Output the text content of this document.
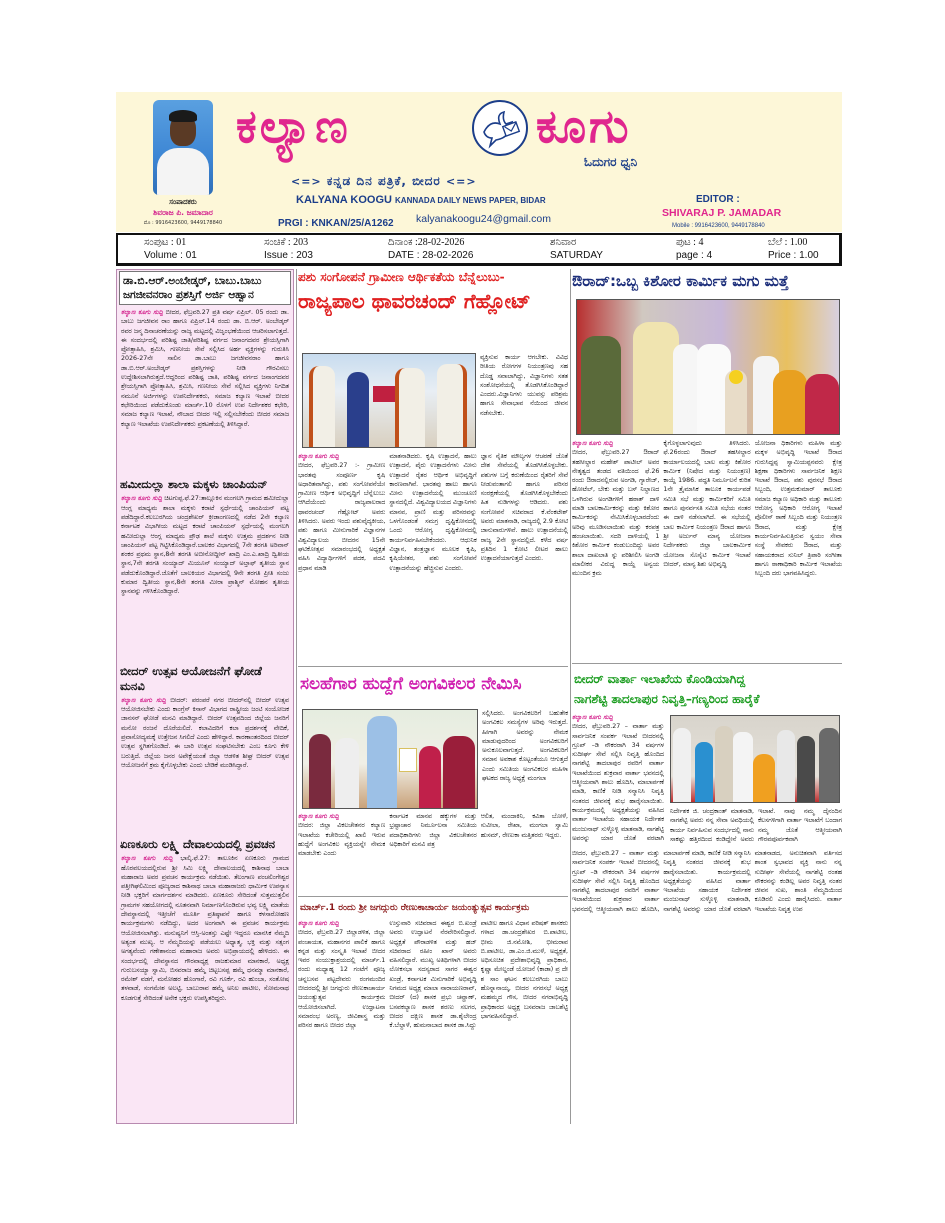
ಸಂಪಾದಕರು
ಶಿವರಾಜ ಪಿ. ಜಮಾದಾರ
ಮೊ : 9916423600, 9449178840
ಕಲ್ಯಾಣ	ಕೂಗು
ಓದುಗರ ಧ್ವನಿ
<=> ಕನ್ನಡ ದಿನ ಪತ್ರಿಕೆ, ಬೀದರ <=>
KALYANA KOOGU KANNADA DAILY NEWS PAPER, BIDAR
PRGI : KNKAN/25/A1262 kalyanakoogu24@gmail.com
EDITOR :
SHIVARAJ P. JAMADAR
Mobile : 9916423600, 9449178840
ಸಂಪುಟ : 01
Volume : 01
ಸಂಚಿಕೆ : 203
Issue : 203
ದಿನಾಂಕ :28-02-2026
DATE : 28-02-2026
ಶನಿವಾರ
SATURDAY
ಪುಟ : 4
page : 4
ಬೆಲೆ : 1.00
Price : 1.00
ಡಾ.ಬಿ.ಆರ್.ಅಂಬೇಡ್ಕರ್, ಬಾಬು.ಬಾಬು ಜಗಜೀವನರಾಂ ಪ್ರಶಸ್ತಿಗೆ ಅರ್ಜಿ ಆಹ್ವಾನ
ಕಲ್ಯಾಣ ಕೂಗು ಸುದ್ದಿ ಬೀದರ, ಫೆಬ್ರವರಿ.27 ಪ್ರತಿ ವರ್ಷ ಏಪ್ರಿಲ್. 05 ರಂದು ಡಾ. ಬಾಬು ಜಗಜೀವನ ರಾಂ ಹಾಗೂ ಏಪ್ರಿಲ್.14 ರಂದು ಡಾ. ಬಿ.ಆರ್. ಅಂಬೇಡ್ಕರ್ ರವರ ಜನ್ಮ ದಿನಾಚರಣೆಯನ್ನು ರಾಜ್ಯ ಮಟ್ಟದಲ್ಲಿ ವಿಜೃಂಭಣೆಯಿಂದ ಆಚರಿಸಲಾಗುತ್ತದೆ. ಈ ಸಂದರ್ಭದಲ್ಲಿ ಪರಿಶಿಷ್ಟ ಜಾತಿ/ಪರಿಶಿಷ್ಟ ವರ್ಗದ ಜನಾಂಗದವರ ಶ್ರೇಯಸ್ಸಿಗಾಗಿ ಪ್ರೋತ್ಸಾಹಿಸಿ, ಶ್ರಮಿಸಿ, ಗಣನೀಯ ಸೇವೆ ಸಲ್ಲಿಸಿದ ಅರ್ಹ ವ್ಯಕ್ತಿಗಳನ್ನು ಗುರುತಿಸಿ 2026-27ನೇ ಸಾಲಿನ ಡಾ.ಬಾಬು ಜಗಜೀವನರಾಂ ಹಾಗೂ ಡಾ.ಬಿ.ಆರ್.ಅಂಬೇಡ್ಕರ್ ಪ್ರಶಸ್ತಿಗಳನ್ನು ನೀಡಿ ಗೌರವಿಸಲು ಉದ್ದೇಶಿಸಲಾಗಿರುತ್ತದೆ.ಆದ್ದರಿಂದ ಪರಿಶಿಷ್ಟ ಜಾತಿ, ಪರಿಶಿಷ್ಟ ವರ್ಗದ ಜನಾಂಗದವರ ಶ್ರೇಯಸ್ಸಿಗಾಗಿ ಪ್ರೋತ್ಸಾಹಿಸಿ, ಶ್ರಮಿಸಿ, ಗಣನೀಯ ಸೇವೆ ಸಲ್ಲಿಸಿದ ವ್ಯಕ್ತಿಗಳು ನಿಗದಿತ ನಮೂನೆ ಅರ್ಜಿಗಳನ್ನು ಉಪನಿರ್ದೇಶಕರು, ಸಮಾಜ ಕಲ್ಯಾಣ ಇಲಾಖೆ ಬೀದರ ಕಛೇರಿಯಿಂದ ಪಡೆದುಕೊಂಡು ಮಾರ್ಚ್.10 ರೊಳಗೆ ಉಪ ನಿರ್ದೇಶಕರ ಕಛೇರಿ, ಸಮಾಜ ಕಲ್ಯಾಣ ಇಲಾಖೆ, ನೌಬಾದ ಬೀದರ ಇಲ್ಲಿ ಸಲ್ಲಿಸಬೇಕೆಂದು ಬೀದರ ಸಮಾಜ ಕಲ್ಯಾಣ ಇಲಾಖೆಯ ಉಪನಿರ್ದೇಶಕರು ಪ್ರಕಟಣೆಯಲ್ಲಿ ತಿಳಿಸಿದ್ದಾರೆ.
ಹಮೀದುಲ್ಲಾ ಶಾಲಾ ಮಕ್ಕಳು ಚಾಂಪಿಯನ್
ಕಲ್ಯಾಣ ಕೂಗು ಸುದ್ದಿ ಚಿಟಗುಪ್ಪ.ಫೆ.27:ತಾಲ್ಲೂಕಿನ ಮಂಗಲಗಿ ಗ್ರಾಮದ ಹಮೀದುಲ್ಲಾ ಆಂಗ್ಲ ಮಾಧ್ಯಮ ಶಾಲಾ ಮಕ್ಕಳು ಕರಾಟೆ ಸ್ಪರ್ಧೆಯಲ್ಲಿ ಚಾಂಪಿಯನ್ ಪಟ್ಟ ಪಡೆದಿದ್ದಾರೆ.ಕಲಬುರಗಿಯ ಚಂದ್ರಶೇಖರ್ ಕ್ರೀಡಾಂಗಣದಲ್ಲಿ ನಡೆದ 2ನೇ ಕಲ್ಯಾಣ ಕರ್ನಾಟಕ ವಿಭಾಗೀಯ ಮಟ್ಟದ ಕರಾಟೆ ಚಾಂಪಿಯನ್ ಸ್ಪರ್ಧೆಯಲ್ಲಿ ಮಂಗಲಗಿ ಹಮೀದುಲ್ಲಾ ಆಂಗ್ಲ ಮಾಧ್ಯಮ ಪ್ರೌಢ ಶಾಲೆ ಮಕ್ಕಳು ಉತ್ತಮ ಪ್ರದರ್ಶನ ನೀಡಿ ಚಾಂಪಿಯನ್ ಪಟ್ಟ ಗಿಟ್ಟಿಸಿಕೊಂಡಿದ್ದಾರೆ.ಬಾಲಕರ ವಿಭಾಗದಲ್ಲಿ 7ನೇ ತರಗತಿ ಅರಿವಾನ್ ಶಂಕರ ಪ್ರಥಮ ಸ್ಥಾನ,8ನೇ ತರಗತಿ ಅಬೀನೋದ್ದೀನ್ ಖಾದ್ರಿ ಎಂ.ಎ.ಖಾದ್ರಿ ದ್ವಿತೀಯ ಸ್ಥಾನ,7ನೇ ತರಗತಿ ಸಂಯ್ಯಾದ್ ಮಿಯೂನ್ ಸಂಯ್ಯಾದ್ ಅಲ್ತಾಫ್ ತೃತೀಯ ಸ್ಥಾನ ಪಡೆದುಕೊಂಡಿದ್ದಾರೆ.ಜೊತೆಗೆ ಬಾಲಕಿಯರ ವಿಭಾಗದಲ್ಲಿ 9ನೇ ತರಗತಿ ಪ್ರೀತಿ ಸಂಜು ಕುಮಾರ ದ್ವಿತೀಯ ಸ್ಥಾನ,8ನೇ ತರಗತಿ ಮೀರಾ ಪ್ರಾಶ್ಮಿನ್ ಮೋಹನ ತೃತೀಯ ಸ್ಥಾನವನ್ನು ಗಳಿಸಿಕೊಂಡಿದ್ದಾರೆ.
ಬೀದರ್ ಉತ್ಸವ ಆಯೋಜನೆಗೆ ಘೋಡೆ ಮನವಿ
ಕಲ್ಯಾಣ ಕೂಗು ಸುದ್ದಿ ಬೀದರ್: ಪರಂಪರೆ ನಗರ ಬೀದರ್‌ನಲ್ಲಿ ಬೀದರ್ ಉತ್ಸವ ಆಯೋಜಿಸಬೇಕು ಎಂದು ಕಾಂಗ್ರೆಸ್ ಕಿಸಾನ್ ವಿಭಾಗದ ರಾಷ್ಟ್ರೀಯ ಜಂಟಿ ಸಂಯೋಜಕ ಜಾನಸನ್ ಘೋಡೆ ಮನವಿ ಮಾಡಿದ್ದಾರೆ. ಬೀದರ್ ಉತ್ಸವದಿಂದ ಜಿಲ್ಲೆಯ ಜನರಿಗೆ ಮನೋ ರಂಜನೆ ದೊರೆಯಲಿದೆ. ಕಲಾವಿದರಿಗೆ ಕಲಾ ಪ್ರದರ್ಶನಕ್ಕೆ ವೇದಿಕೆ, ಪ್ರವಾಸೋದ್ಯಮಕ್ಕೆ ಉತ್ತೇಜನ ಸಿಗಲಿದೆ ಎಂದು ಹೇಳಿದ್ದಾರೆ. ಕಾರಣಾಂತರದಿಂದ ಬೀದರ್ ಉತ್ಸವ ಸ್ಥಗಿತಗೊಂಡಿದೆ. ಈ ಬಾರಿ ಉತ್ಸವ ಸಂಘಟಿಸಬೇಕು ಎಂಬ ಕೂಗು ಕೇಳಿ ಬರುತ್ತಿದೆ. ಜಿಲ್ಲೆಯ ಜನರ ಅಪೇಕ್ಷೆಯಂತೆ ಜಿಲ್ಲಾ ಆಡಳಿತ ಶೀಘ್ರ ಬೀದರ್ ಉತ್ಸವ ಆಯೋಜನೆಗೆ ಕ್ರಮ ಕೈಗೊಳ್ಳಬೇಕು ಎಂದು ಬೇಡಿಕೆ ಮಂಡಿಸಿದ್ದಾರೆ.
ಏಣಕೂರು ಲಕ್ಷ್ಮಿ ದೇವಾಲಯದಲ್ಲಿ ಪ್ರವಚನ
ಕಲ್ಯಾಣ ಕೂಗು ಸುದ್ದಿ ಭಾಲ್ಕಿ.ಫೆ.27: ತಾಲೂಕಿನ ಏಣಕೂರು ಗ್ರಾಮದ ಹೊರವಲಯದಲ್ಲಿರುವ ಶ್ರೀ ಸಿಮಿ ಲಕ್ಷ್ಮಿ ದೇವಾಲಯದಲ್ಲಿ ಕಾಶಿನಾಥ ಬಾಬಾ ಮಹಾರಾಜ ಅವರ ಪ್ರವಚನ ಕಾರ್ಯಕ್ರಮ ನಡೆಯಿತು. ತೆಲಂಗಾಣ ಪಂಚಲಿಂಗೇಶ್ವರ ಪತ್ತೀಗಿಘಲಿಮಿಂದ ಪೂಜ್ಯರಾದ ಕಾಶಿನಾಥ ಬಾಬಾ ಮಹಾರಾಜರು ಧಾರ್ಮಿಕ ಉಪನ್ಯಾಸ ನೀಡಿ ಭಕ್ತರಿಗೆ ಮಾರ್ಗದರ್ಶನ ಮಾಡಿದರು. ಏಣಕೂರು ಸೇರಿದಂತೆ ಸುತ್ತಮುತ್ತಲಿನ ಗ್ರಾಮಗಳ ಸಹಯೋಗದಲ್ಲಿ ನೂತನವಾಗಿ ನಿರ್ಮಾಣಗೊಂಡಿರುವ ಭವ್ಯ ಲಕ್ಷ್ಮಿ ಮಾತೆಯ ದೇವಸ್ಥಾನದಲ್ಲಿ ಇತ್ತೀಚೆಗೆ ಮೂರ್ತಿ ಪ್ರತಿಷ್ಠಾಪನೆ ಹಾಗೂ ಕಳಸಾರೋಹಣ ಕಾರ್ಯಕ್ರಮಗಳು ನಡೆದಿದ್ದು, ಅದರ ಅಂಗವಾಗಿ ಈ ಪ್ರವಚನ ಕಾರ್ಯಕ್ರಮ ಆಯೋಜಿಸಲಾಗಿತ್ತು. ಮನುಷ್ಯನಿಗೆ ಆಸ್ತಿ-ಅಂತಸ್ತು ಎಷ್ಟೇ ಇದ್ದರೂ ಮಾನಸಿಕ ನೆಮ್ಮದಿ ಅತ್ಯಂತ ಮುಖ್ಯ. ಆ ನೆಮ್ಮದಿಯನ್ನು ಪಡೆಯಲು ಅಧ್ಯಾತ್ಮ, ಭಕ್ತಿ ಮತ್ತು ಸತ್ಸಂಗ ಅಗತ್ಯವೆಂದು ಗಣೇಶಾನಂದ ಮಹಾರಾಜ ಅವರು ಅಭಿಪ್ರಾಯದಲ್ಲಿ ಹೇಳಿದರು. ಈ ಸಂದರ್ಭದಲ್ಲಿ ದೇವಸ್ಥಾನದ ಗೌರವಾಧ್ಯಕ್ಷ ರಾಜಕುಮಾರ ಮಾನಕಾರೆ, ಅಧ್ಯಕ್ಷ ಗುರುಬಸಯ್ಯಾ ಸ್ವಾಮಿ, ಬಿಸವರಾಜ ಹಮ್ಮೆ ಚಿಟ್ಟಬಸಪ್ಪ ಹಮ್ಮೆ ಧನಮ್ಮಾ ಮಾನಕಾರೆ, ರಮೇಶ್ ವಡಗೆ, ಮನೋಹರ ಹೊಂಗಾರೆ, ರವಿ ಗೂರ್ಕೆ, ರವಿ ಹುಂಬಾ, ಸಂತೋಷ ತಳವಾಡೆ, ಸಂಗಮೇಶ ಅಲಟ್ಟಿ, ಬಾಬುರಾವ ಹಮ್ಮೆ ಅನಿಲ ಪಾಟೀಲ, ಸೋಮನಾಥ ಕೂಡಗುತ್ತೆ ಸೇರಿದಂತೆ ಅನೇಕ ಭಕ್ತರು ಉಪಸ್ಥಿತರಿದ್ದರು.
ಪಶು ಸಂಗೋಪನೆ ಗ್ರಾಮೀಣ ಆರ್ಥಿಕತೆಯ ಬೆನ್ನೆಲುಬು-
ರಾಜ್ಯಪಾಲ ಥಾವರಚಂದ್ ಗೆಹ್ಲೋಟ್
ವ್ಯಕ್ತಿಸುವ ಕಾರ್ಯ ಆಗಬೇಕು. ವಿವಿಧ ರೀತಿಯ ರೋಗಗಳ ನಿಯಂತ್ರಣವು ಸಹ ದೊಡ್ಡ ಸವಾಲಾಗಿದ್ದು, ವಿಜ್ಞಾನಿಗಳು ಸತತ ಸಂಶೋಧನೆಯಲ್ಲಿ ತೊಡಗಿಸಿಕೊಂಡಿದ್ದಾರೆ ಎಂದರು.ವಿಜ್ಞಾನಿಗಳು ಯುವಸ್ಸು ಪರಿಶ್ರಮ ಹಾಗೂ ಸೇವಾಭಾವ ನೆಯಿಂದ ಜೀವನ ನಡೆಸಬೇಕು.
ಕಲ್ಯಾಣ ಕೂಗು ಸುದ್ದಿ
ಬೀದರ, ಫೆಬ್ರವರಿ.27 :- ಗ್ರಾಮೀಣ ಭಾರತವು ಸಂಪೂರ್ಣ ಕೃಷಿ ಅಧಾರಿತವಾಗಿದ್ದು, ಪಶು ಸಂಗೋಪನೆಯೇ ಗ್ರಾಮೀಣ ಆರ್ಥಿಕ ಅಭಿವೃದ್ಧಿಗೆ ಬೆನ್ನೆಲುಬು ಆಗಿದೆಯೆಂದು ರಾಜ್ಯಪಾಲರಾದ ಥಾವರಚಂದ್ ಗೆಹ್ಲೋಟ್ ಅವರು ತಿಳಿಸಿದರು. ಅವರು ಇಂದು ಪಶುವೈದ್ಯಕೀಯ, ಪಶು ಹಾಗೂ ಮೀನುಗಾರಿಕೆ ವಿಜ್ಞಾನಗಳ ವಿಶ್ವವಿದ್ಯಾಲಯ ಬೀದರನ 15ನೇ ಘಟಿಕೋತ್ಸವ ಸಮಾರಂಭದಲ್ಲಿ ಅಧ್ಯಕ್ಷತೆ ವಹಿಸಿ ವಿದ್ಯಾರ್ಥಿಗಳಿಗೆ ಪದಕ, ಪದವಿ ಪ್ರಧಾನ ಮಾಡಿ
ಮಾತನಾಡಿದರು. ಕೃಷಿ ಉತ್ಪಾದನೆ, ಹಾಲು ಉತ್ಪಾದನೆ, ಪೈರು ಉತ್ಪಾದನೆಗಳು ಮೀನು ಉತ್ಪಾದನೆ ರೈತರ ಆರ್ಥಿಕ ಅಭಿವೃದ್ಧಿಗೆ ಕಾರಣವಾಗಿವೆ. ಭಾರತವು ಹಾಲು ಹಾಗೂ ಮೀನು ಉತ್ಪಾದನೆಯಲ್ಲಿ ಮುಂಚೂಣಿ ಸ್ಥಾನದಲ್ಲಿದೆ. ವಿಶ್ವವಿದ್ಯಾಲಯದ ವಿಜ್ಞಾನಿಗಳು ಮಾನವ, ಪ್ರಾಣಿ ಮತ್ತು ಪರಿಸರವನ್ನು ಒಳಗೊಂಡಂತೆ ಸಮಗ್ರ ದೃಷ್ಟಿಕೋನದಲ್ಲಿ ಒಂದು ಆರೋಗ್ಯ ದೃಷ್ಟಿಕೋನದಲ್ಲಿ ಕಾರ್ಯನಿರ್ವಹಿಸಬೇಕೆಂದರು. ಆಧುನಿಕ ವಿಜ್ಞಾನ, ತಂತ್ರಜ್ಞಾನ ಮೂಲಕ ಕೃಷಿ, ಕೃಷಿಯೇತರ, ಪಶು ಸಂಗೋಪನೆ ಉತ್ಪಾದನೆಯನ್ನು ಹೆಚ್ಚಿಸುವ ಎಂದರು.
ಜ್ಞಾನ ನೈತಿಕ ಮೌಲ್ಯಗಳ ಆಚರಣೆ ಜೊತೆ ದೇಶ ಸೇವೆಯಲ್ಲಿ ತೊಡಗಿಸಿಕೊಳ್ಳಬೇಕು. ಪಶುಗಳ ಬಗ್ಗೆ ಕರುಣೆಯಿಂದ ರೈತರಿಗೆ ಸೇವೆ ನೀಡುವಂತಾಗಲಿ ಹಾಗೂ ಪರಿಸರ ಸಂರಕ್ಷಣೆಯಲ್ಲಿ ತೊಡಗಿಸಿಕೊಳ್ಳಬೇಕೆಂದು ಹಿತ ನುಡಿಗಳನ್ನು ಆಡಿದರು. ಪಶು ಸಂಗೋಪನೆ ಸಚಿವರಾದ ಕೆ.ವೆಂಕಟೇಶ್ ಅವರು ಮಾತನಾಡಿ, ರಾಜ್ಯದಲ್ಲಿ 2.9 ಕೋಟಿ ಜಾನುವಾರುಗಳಿವೆ. ಹಾಲು ಉತ್ಪಾದನೆಯಲ್ಲಿ ರಾಜ್ಯ 2ನೇ ಸ್ಥಾನದಲ್ಲಿದೆ. ಕಳೆದ ವರ್ಷ ಪ್ರತಿದಿನ 1 ಕೋಟಿ ಲೀಟರ ಹಾಲು ಉತ್ಪಾದನೆಯಾಗುತ್ತದೆ ಎಂದರು.
ಸಲಹೆಗಾರ ಹುದ್ದೆಗೆ ಅಂಗವಿಕಲರ ನೇಮಿಸಿ
ಸಲ್ಲಿಸಿದರು. ಅಂಗವಿಕಲರಿಗೆ ಬಹುತೇಕ ಅಂಗವಿಕಲ ಸಮಸ್ಯೆಗಳ ಅರಿವು ಇರುತ್ತದೆ. ಹೀಗಾಗಿ ಅವರನ್ನು ನೇಮಕ ಮಾಡುವುದರಿಂದ ಅಂಗವಿಕಲರಿಗೆ ಅನುಕೂಲವಾಗುತ್ತದೆ. ಅಂಗವಿಕಲರಿಗೆ ಸಮಾನ ಅವಕಾಶ ಕೊಟ್ಟಂತೆಯೂ ಆಗುತ್ತದೆ ಎಂದು ಸಮಿತಿಯ ಅಂಗವಿಕಲರ ಮಹಿಳಾ ಘಟಕದ ರಾಜ್ಯ ಅಧ್ಯಕ್ಷೆ ಮಂಗಲಾ
ಕಲ್ಯಾಣ ಕೂಗು ಸುದ್ದಿ
ಬೀದರ: ಜಿಲ್ಲಾ ವಿಕಲಚೇತನರ ಕಲ್ಯಾಣ ಇಲಾಖೆಯ ಕಚೇರಿಯಲ್ಲಿ ಖಾಲಿ ಇರುವ ಹುದ್ದೆಗೆ ಅಂಗವಿಕಲ ವ್ಯಕ್ತಿಯನ್ನೇ ನೇಮಕ ಮಾಡಬೇಕು ಎಂದು
ಕರ್ನಾಟಕ ಮಾನವ ಹಕ್ಕುಗಳ ಮತ್ತು ಭ್ರಷ್ಟಾಚಾರ ನಿರ್ಮೂಲನಾ ಸಮಿತಿಯ ಪದಾಧಿಕಾರಿಗಳು ಜಿಲ್ಲಾ ವಿಕಲಚೇತನರ ಅಧಿಕಾರಿಗೆ ಮನವಿ ಪತ್ರ
ಆಲಿತ, ಮಂದಾಕಿನಿ, ಕವಿತಾ ಬೋಳೆ, ಸುವೀಲಾ, ರೇಖಾ, ಮಂಗಲಾ ಸ್ವಾಮಿ ಹುಸಮ್, ರೇಣುಕಾ ಮತ್ತಿತರರು ಇದ್ದರು.
ಮಾರ್ಚ್.1 ರಂದು ಶ್ರೀ ಜಗದ್ಗುರು ರೇಣುಕಾಚಾರ್ಯ ಜಯಂತ್ಯುತ್ಸವ ಕಾರ್ಯಕ್ರಮ
ಕಲ್ಯಾಣ ಕೂಗು ಸುದ್ದಿ
ಬೀದರ, ಫೆಬ್ರವರಿ.27 ಜಿಲ್ಲಾಡಳಿತ, ಜಿಲ್ಲಾ ಪಂಚಾಯತ, ಮಹಾನಗರ ಪಾಲಿಕೆ ಹಾಗೂ ಕನ್ನಡ ಮತ್ತು ಸಂಸ್ಕೃತಿ ಇಲಾಖೆ ಬೀದರ ಇವರ ಸಂಯುಕ್ತಾಶ್ರಯದಲ್ಲಿ ಮಾರ್ಚ್.1 ರಂದು ಮಧ್ಯಾಹ್ನ 12 ಗಂಟೆಗೆ ಪೂಜ್ಯ ಚನ್ನಬಸವ ಪಟ್ಟದೇವರು ರಂಗಮಂದಿರ ಬೀದರದಲ್ಲಿ ಶ್ರೀ ಜಗದ್ಗುರು ರೇಣುಕಾಚಾರ್ಯ ಜಯಂತ್ಯುತ್ಸವ ಕಾರ್ಯಕ್ರಮ ಆಯೋಜಿಸಲಾಗಿದೆ. ಉದ್ಘಾಟನಾ ಸಮಾರಂಭ ಅರಣ್ಯ, ಜೀವಿಶಾಸ್ತ್ರ ಮತ್ತು ಪರಿಸರ ಹಾಗೂ ಬೀದರ ಜಿಲ್ಲಾ
ಉಸ್ತುವಾರಿ ಸಚಿವರಾದ ಈಶ್ವರ ಬಿ.ಖಂಡ್ರೆ ಅವರು ಉದ್ಘಾಟನೆ ನೆರವೇರಿಸಲಿದ್ದಾರೆ. ಅಧ್ಯಕ್ಷತೆ ಪೌರಾಡಳಿತ ಮತ್ತು ಹಜ್ ಸಚಿವರಾದ ರಹೀಂ ಖಾನ್ ಅವರು ವಹಿಸಲಿದ್ದಾರೆ. ಮುಖ್ಯ ಅತಿಥಿಗಳಾಗಿ ಬೀದರ ಲೋಕಸಭಾ ಸದಸ್ಯರಾದ ಸಾಗರ ಈಶ್ವರ ಖಂಡ್ರೆ, ಕರ್ನಾಟಕ ಮಿನುಗಾರಿಕೆ ಅಭಿವೃದ್ಧಿ ನಿಗಮದ ಅಧ್ಯಕ್ಷ ಮಾಲಾ ನಾರಾಯಣರಾವ್, ಬೀದರ್ (ದ) ಶಾಸಕ ಪ್ರಭು ಚವ್ಹಾಣ್, ಬಸವಕಲ್ಯಾಣ ಶಾಸಕ ಶರಣು ಸಲಗರ, ಬೀದರ ದಕ್ಷಿಣ ಶಾಸಕ ಡಾ.ಶೈಲೇಂದ್ರ ಕೆ.ಬೆಲ್ದಾಳೆ, ಹುಮನಾಬಾದ ಶಾಸಕ ಡಾ.ಸಿದ್ದು
ಪಾಟೀಲ ಹಾಗೂ ವಿಧಾನ ಪರಿಷತ್ ಶಾಸಕರು ಗಳಾದ ಡಾ.ಚಂದ್ರಶೇಖರ ಬಿ.ಪಾಟೀಲ, ಭೀಮ ಜಿ.ನಮೋಶಿ, ಭೀಮರಾವ ಬಿ.ಪಾಟೀಲ, ಡಾ.ಎಂ.ಜಿ.ಮುಳೆ, ಅಧ್ಯಕ್ಷತೆ, ಅಧಿಸೂಚಿತ ಪ್ರದೇಶಾಭಿವೃದ್ಧಿ ಪ್ರಾಧಿಕಾರ, ಕೃಷ್ಣಾ ಮೇಲ್ದಂಡೆ ಯೋಜನೆ (ಕಾಡಾ) ಪ್ರ ದೇ ಶ ಸಾಂ ಘಟನ ಕಲಬುರಗಿಯ ಬಾಬು ಹೊನ್ನಾನಾಯ್ಕ, ಬೀದರ ನಗರಸಭೆ ಅಧ್ಯಕ್ಷ ಮಹಮ್ಮದ ಗೌಸ, ಬೀದರ ನಗರಾಭಿವೃದ್ಧಿ ಪ್ರಾಧಿಕಾರದ ಅಧ್ಯಕ್ಷ ಬಸವರಾಜ ಜಾಬಶೆಟ್ಟಿ ಭಾಗವಹಿಸಲಿದ್ದಾರೆ.
ಔರಾದ್:ಒಬ್ಬ ಕಿಶೋರ ಕಾರ್ಮಿಕ ಮಗು ಮತ್ತೆ
ಕಲ್ಯಾಣ ಕೂಗು ಸುದ್ದಿ
ಬೀದರ, ಫೆಬ್ರುವರಿ.27 ಔರಾದ್ ತಹಸೀಲ್ದಾರ ಮಹೇಶ್ ಪಾಟೀಲ್ ಅವರ ನೇತೃತ್ವದ ತಂಡದ ವತಿಯಿಂದ ಫೆ.26 ರಂದು ಔರಾದನಲ್ಲಿರುವ ಅಂಗಡಿ, ಗ್ಯಾರೇಜ್, ಹೋಟೆಲ್, ಬೇಕು ಮತ್ತು ಬಸ್ ನಿಲ್ದಾಣದ ಒಳಗಿರುವ ಅಂಗಡಿಗಳಿಗೆ ಹಠಾತ್ ದಾಳಿ ಮಾಡಿ ಬಾಲಕಾರ್ಮಿಕರನ್ನು ಮತ್ತು ಕಿಶೋರ ಕಾರ್ಮಿಕರನ್ನು ನೇಮಿಸಿಕೊಳ್ಳಬಾರದೆಂದು ಅರಿವು ಮೂಡಿಸಲಾಯಿತು ಮತ್ತು ಕರಪತ್ರ ಹಂಚಲಾಯಿತು. ಸದರಿ ದಾಳಿಯಲ್ಲಿ 1 ಕಿಶೋರ ಕಾರ್ಮಿಕ ಕಂಡುಬಂದಿದ್ದು ಅವರ ಶಾಲಾ ದಾಖಲಾತಿ ಸ್ನು ಪರಿಶೀಲಿಸಿ ಅಂಗಡಿ ಮಾಲೀಕರ ವಿರುದ್ಧ ಕಾಯ್ದೆ ಅನ್ವಯ ಮುಂದಿನ ಕ್ರಮ
ಕೈಗೊಳ್ಳಲಾಗುವುದು ತಿಳಿಸಿದರು. ಫೆ.26ರಂದು ಔರಾದ್ ತಹಸೀಲ್ದಾರ ಕಾರ್ಯಾಲಯದಲ್ಲಿ ಬಾಲ ಮತ್ತು ಕಿಶೋರ ಕಾರ್ಮಿಕ (ನಿಷೇದ ಮತ್ತು ನಿಯಂತ್ರಣ) ಕಾಯ್ದೆ 1986. ಪದ್ಧತಿ ನಿರ್ಮೂಲನೆ ಕುರಿತ 1ನೇ ತ್ರೈಮಾಸಿಕ ತಾಲೂಕ ಕಾರ್ಯಪಡೆ ಸಮಿತಿ ಸಭೆ ಮತ್ತು ಕಾರ್ಮಿಕರಿಗೆ ಸಮಿತಿ ಹಾಗೂ ಪುನರ್ವಸತಿ ಸಮಿತಿ ಸಭೆಯ ನಂತರ ಈ ದಾಳಿ ನಡೆಸಲಾಗಿದೆ. ಈ ಸಭೆಯಲ್ಲಿ ಬಾಲ ಕಾರ್ಮಿಕ ನಿಯಂತ್ರಣ ಔರಾದ ಹಾಗೂ ಶ್ರೀ ಅರ್ಜುನ್ ಮಾನ್ಯ ಯೋಜನಾ ನಿರ್ದೇಶಕರು ಜಿಲ್ಲಾ ಬಾಲಕಾರ್ಮಿಕ ಯೋಜನಾ ಸೊಸೈಟಿ ಕಾರ್ಮಿಕ ಇಲಾಖೆ ಬೀದರ್, ಮಾನ್ಯ ಶಿಶು ಅಭಿವೃದ್ಧಿ
ಯೋಜನಾ ಧಿಕಾರಿಗಳು ಮಹಿಳಾ ಮತ್ತು ಮಕ್ಕಳ ಅಭಿವೃದ್ಧಿ ಇಲಾಖೆ ಔರಾದ ಗುರುಸಿದ್ದಪ್ಪ ಸ್ವಾಮಿಯಪ್ಪನವರು ಕ್ಷೇತ್ರ ಶಿಕ್ಷಣಾ ಧಿಕಾರಿಗಳು ಸಾರ್ವಜನಿಕ ಶಿಕ್ಷಣ ಇಲಾಖೆ ಔರಾದ, ಪಶು ಪುರಸಭೆ ಔರಾದ ಸಿಬ್ಬಂದಿ, ಉತ್ತಮಕುಮಾರ್ ತಾಲೂಕು ಸಮಾಜ ಕಲ್ಯಾಣ ಅಧಿಕಾರಿ ಮತ್ತು ತಾಲೂಕು ಆರೋಗ್ಯ ಅಧಿಕಾರಿ ಆರೋಗ್ಯ ಇಲಾಖೆ ಪೊಲೀಸ್ ಠಾಣೆ ಸಿಬ್ಬಂದಿ ಮತ್ತು ನಿಯಂತ್ರಣ ಔರಾದ, ಮತ್ತು ಕ್ಷೇತ್ರ ಕಾರ್ಯನಿರ್ವಹಿಸುತ್ತಿರುವ ಸ್ವಯಂ ಸೇವಾ ಸಂಸ್ಥೆ ಸೇವಕರು ಔರಾದ, ಮತ್ತು ಸಹಾಯಕರಾದ ಸುನಿಲ್ ತ್ರಿಪಾಠಿ ಸಂಗೀತಾ ಹಾಗೂ ಠಾಣಾಧಿಕಾರಿ ಕಾರ್ಮಿಕ ಇಲಾಖೆಯ ಸಿಬ್ಬಂದಿ ದರು ಭಾಗವಹಿಸಿದ್ದರು.
ಬೀದರ್ ವಾರ್ತಾ ಇಲಾಖೆಯ ಕೊಂಡಿಯಾಗಿದ್ದ
ನಾಗಶೆಟ್ಟಿ ತಾದಲಾಪುರ ನಿವೃತ್ತಿ–ಗಣ್ಯರಿಂದ ಹಾರೈಕೆ
ಕಲ್ಯಾಣ ಕೂಗು ಸುದ್ದಿ
ಬೀದರ, ಫೆಬ್ರುವರಿ.27 – ವಾರ್ತಾ ಮತ್ತು ಸಾರ್ವಜನಿಕ ಸಂಪರ್ಕ ಇಲಾಖೆ ಬೀದರನಲ್ಲಿ ಗ್ರೂಪ್ –ಡಿ ನೌಕರರಾಗಿ 34 ವರ್ಷಗಳ ಸುದೀರ್ಘ ಸೇವೆ ಸಲ್ಲಿಸಿ ನಿವೃತ್ತಿ ಹೊಂದಿದ ನಾಗಶೆಟ್ಟಿ ತಾದಲಾಪುರ ರವರಿಗೆ ವಾರ್ತಾ ಇಲಾಖೆಯಿಂದ ಶುಕ್ರವಾರ ವಾರ್ತಾ ಭವನದಲ್ಲಿ ಆತ್ಮೀಯವಾಗಿ ಶಾಲು ಹೊದಿಸಿ, ಮಾಲಾರ್ಪಣೆ ಮಾಡಿ, ಕಾಣಿಕೆ ನೀಡಿ ಸನ್ಮಾನಿಸಿ ನಿವೃತ್ತಿ ನಂತರದ ಜೀವನಕ್ಕೆ ಶುಭ ಹಾರೈಸಲಾಯಿತು. ಕಾರ್ಯಕ್ರಮದಲ್ಲಿ ಅಧ್ಯಕ್ಷತೆಯನ್ನು ವಹಿಸಿದ ವಾರ್ತಾ ಇಲಾಖೆಯ ಸಹಾಯಕ ನಿರ್ದೇಶಕ ಮಂಜುನಾಥ್ ಸುಳ್ಳೊಳ್ಳಿ ಮಾತನಾಡಿ, ನಾಗಶೆಟ್ಟಿ ಅವರನ್ನು ಯಾರ ಜೊತೆ ವರಟಾಗಿ
ನಿರ್ದೇಶಕ ಜಿ. ಚಂದ್ರಕಾಂತ್ ಮಾತನಾಡಿ, ನಾಗಶೆಟ್ಟಿ ಅವರು ನನ್ನ ಸೇವಾ ಅವಧಿಯಲ್ಲಿ ಕಾರ್ಯ ನಿರ್ವಹಿಸುವ ಸಂದರ್ಭದಲ್ಲಿ ನಾನು ಸಾಕಷ್ಟು ಹತ್ತಿರದಿಂದ ಕಂಡಿದ್ದೇನೆ ಅವರು
ಇಲಾಖೆ. ನಾವು ನಮ್ಮ ದೈನಂದಿನ ಕೆಲಸಗಳಿಗಾಗಿ ವಾರ್ತಾ ಇಲಾಖೆಗೆ ಬಂದಾಗ ನಮ್ಮ ಜೊತೆ ಆತ್ಮೀಯವಾಗಿ ಗೌರವಪೂರ್ವಕವಾಗಿ
ಬೀದರ, ಫೆಬ್ರುವರಿ.27 – ವಾರ್ತಾ ಮತ್ತು ಸಾರ್ವಜನಿಕ ಸಂಪರ್ಕ ಇಲಾಖೆ ಬೀದರನಲ್ಲಿ ಗ್ರೂಪ್ –ಡಿ ನೌಕರರಾಗಿ 34 ವರ್ಷಗಳ ಸುದೀರ್ಘ ಸೇವೆ ಸಲ್ಲಿಸಿ ನಿವೃತ್ತಿ ಹೊಂದಿದ ನಾಗಶೆಟ್ಟಿ ತಾದಲಾಪುರ ರವರಿಗೆ ವಾರ್ತಾ ಇಲಾಖೆಯಿಂದ ಶುಕ್ರವಾರ ವಾರ್ತಾ ಭವನದಲ್ಲಿ ಆತ್ಮೀಯವಾಗಿ ಶಾಲು ಹೊದಿಸಿ, ಮಾಲಾರ್ಪಣೆ ಮಾಡಿ, ಕಾಣಿಕೆ ನೀಡಿ ಸನ್ಮಾನಿಸಿ ನಿವೃತ್ತಿ ನಂತರದ ಜೀವನಕ್ಕೆ ಶುಭ ಹಾರೈಸಲಾಯಿತು. ಕಾರ್ಯಕ್ರಮದಲ್ಲಿ ಅಧ್ಯಕ್ಷತೆಯನ್ನು ವಹಿಸಿದ ವಾರ್ತಾ ಇಲಾಖೆಯ ಸಹಾಯಕ ನಿರ್ದೇಶಕ ಮಂಜುನಾಥ್ ಸುಳ್ಳೊಳ್ಳಿ ಮಾತನಾಡಿ, ನಾಗಶೆಟ್ಟಿ ಅವರನ್ನು ಯಾರ ಜೊತೆ ವರಟಾಗಿ ಮಾತನಾಡದ, ಅನುಚಿತವಾಗಿ ವರ್ತಿಸದ ಶಾಂತ ಸ್ವಭಾವದ ವ್ಯಕ್ತಿ ನಾನು ನನ್ನ ಸುದೀರ್ಘ ಸೇವೆಯಲ್ಲಿ ನಾಗಶೆಟ್ಟಿ ರಂತಹ ನೌಕರನನ್ನು ಕಂಡಿಲ್ಲ ಅವರ ನಿವೃತ್ತಿ ನಂತರ ಜೀವನ ಸುಖ, ಶಾಂತಿ ನೆಮ್ಮದಿಯಿಂದ ಕೂಡಿರಲಿ ಎಂದು ಹಾರೈಸಿದರು. ವಾರ್ತಾ ಇಲಾಖೆಯ ನಿವೃತ್ತ ಉಪ
